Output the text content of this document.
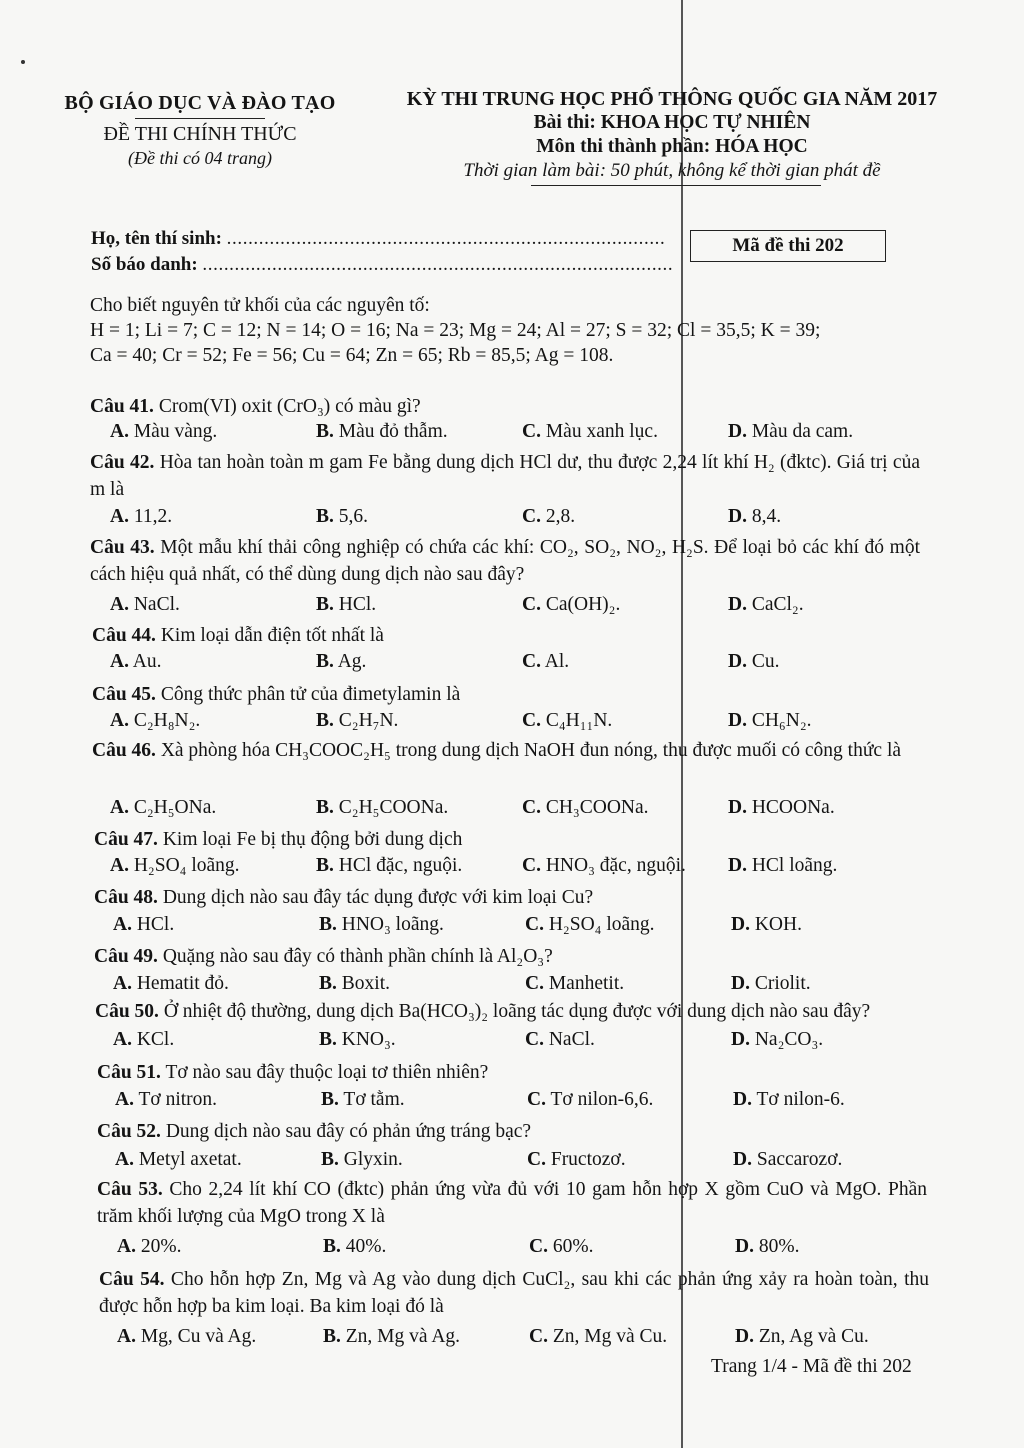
BỘ GIÁO DỤC VÀ ĐÀO TẠO
ĐỀ THI CHÍNH THỨC
(Đề thi có 04 trang)
KỲ THI TRUNG HỌC PHỔ THÔNG QUỐC GIA NĂM 2017
Bài thi: KHOA HỌC TỰ NHIÊN
Môn thi thành phần: HÓA HỌC
Thời gian làm bài: 50 phút, không kể thời gian phát đề
Họ, tên thí sinh: ..................................................................................
Số báo danh: ........................................................................................
Mã đề thi 202
Cho biết nguyên tử khối của các nguyên tố:
H = 1; Li = 7; C = 12; N = 14; O = 16; Na = 23; Mg = 24; Al = 27; S = 32; Cl = 35,5; K = 39;
Ca = 40; Cr = 52; Fe = 56; Cu = 64; Zn = 65; Rb = 85,5; Ag = 108.
Câu 41. Crom(VI) oxit (CrO₃) có màu gì?
A. Màu vàng.	B. Màu đỏ thẫm.	C. Màu xanh lục.	D. Màu da cam.
Câu 42. Hòa tan hoàn toàn m gam Fe bằng dung dịch HCl dư, thu được 2,24 lít khí H₂ (đktc). Giá trị của m là
A. 11,2.	B. 5,6.	C. 2,8.	D. 8,4.
Câu 43. Một mẫu khí thải công nghiệp có chứa các khí: CO₂, SO₂, NO₂, H₂S. Để loại bỏ các khí đó một cách hiệu quả nhất, có thể dùng dung dịch nào sau đây?
A. NaCl.	B. HCl.	C. Ca(OH)₂.	D. CaCl₂.
Câu 44. Kim loại dẫn điện tốt nhất là
A. Au.	B. Ag.	C. Al.	D. Cu.
Câu 45. Công thức phân tử của đimetylamin là
A. C₂H₈N₂.	B. C₂H₇N.	C. C₄H₁₁N.	D. CH₆N₂.
Câu 46. Xà phòng hóa CH₃COOC₂H₅ trong dung dịch NaOH đun nóng, thu được muối có công thức là
A. C₂H₅ONa.	B. C₂H₅COONa.	C. CH₃COONa.	D. HCOONa.
Câu 47. Kim loại Fe bị thụ động bởi dung dịch
A. H₂SO₄ loãng.	B. HCl đặc, nguội.	C. HNO₃ đặc, nguội. D. HCl loãng.
Câu 48. Dung dịch nào sau đây tác dụng được với kim loại Cu?
A. HCl.	B. HNO₃ loãng.	C. H₂SO₄ loãng.	D. KOH.
Câu 49. Quặng nào sau đây có thành phần chính là Al₂O₃?
A. Hematit đỏ.	B. Boxit.	C. Manhetit.	D. Criolit.
Câu 50. Ở nhiệt độ thường, dung dịch Ba(HCO₃)₂ loãng tác dụng được với dung dịch nào sau đây?
A. KCl.	B. KNO₃.	C. NaCl.	D. Na₂CO₃.
Câu 51. Tơ nào sau đây thuộc loại tơ thiên nhiên?
A. Tơ nitron.	B. Tơ tằm.	C. Tơ nilon-6,6.	D. Tơ nilon-6.
Câu 52. Dung dịch nào sau đây có phản ứng tráng bạc?
A. Metyl axetat.	B. Glyxin.	C. Fructozơ.	D. Saccarozơ.
Câu 53. Cho 2,24 lít khí CO (đktc) phản ứng vừa đủ với 10 gam hỗn hợp X gồm CuO và MgO. Phần trăm khối lượng của MgO trong X là
A. 20%.	B. 40%.	C. 60%.	D. 80%.
Câu 54. Cho hỗn hợp Zn, Mg và Ag vào dung dịch CuCl₂, sau khi các phản ứng xảy ra hoàn toàn, thu được hỗn hợp ba kim loại. Ba kim loại đó là
A. Mg, Cu và Ag.	B. Zn, Mg và Ag.	C. Zn, Mg và Cu.	D. Zn, Ag và Cu.
Trang 1/4 - Mã đề thi 202
